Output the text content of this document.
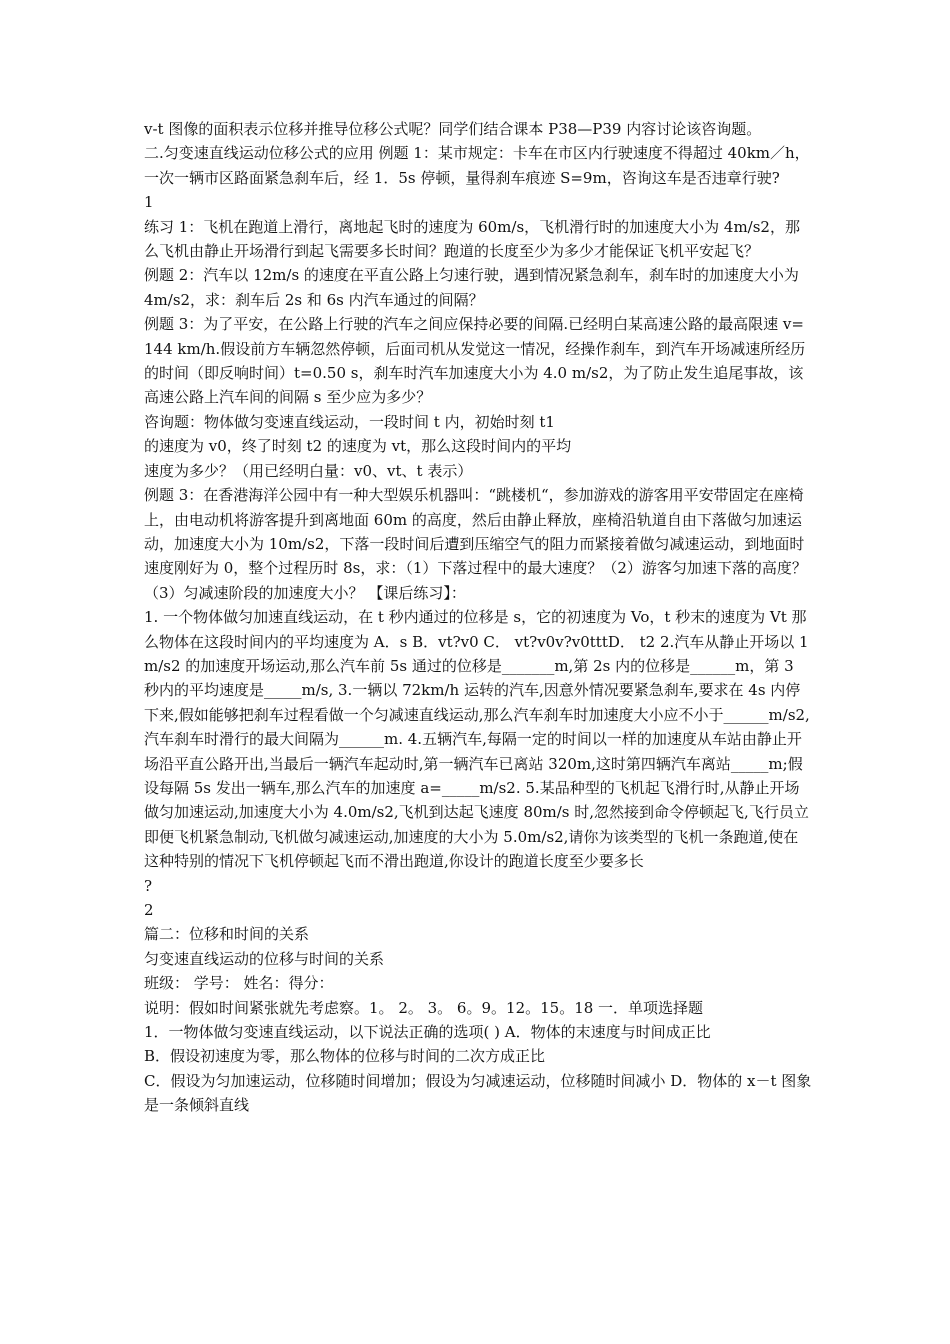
v-t 图像的面积表示位移并推导位移公式呢？同学们结合课本 P38—P39 内容讨论该咨询题。

二.匀变速直线运动位移公式的应用 例题 1：某市规定：卡车在市区内行驶速度不得超过 40km／h，一次一辆市区路面紧急刹车后，经 1．5s 停顿，量得刹车痕迹 S=9m，咨询这车是否违章行驶?

1

练习 1：飞机在跑道上滑行，离地起飞时的速度为 60m/s，飞机滑行时的加速度大小为 4m/s2，那么飞机由静止开场滑行到起飞需要多长时间？跑道的长度至少为多少才能保证飞机平安起飞？

例题 2：汽车以 12m/s 的速度在平直公路上匀速行驶，遇到情况紧急刹车，刹车时的加速度大小为 4m/s2，求：刹车后 2s 和 6s 内汽车通过的间隔？

例题 3：为了平安，在公路上行驶的汽车之间应保持必要的间隔.已经明白某高速公路的最高限速 v=144 km/h.假设前方车辆忽然停顿，后面司机从发觉这一情况，经操作刹车，到汽车开场减速所经历的时间（即反响时间）t=0.50 s，刹车时汽车加速度大小为 4.0 m/s2，为了防止发生追尾事故，该高速公路上汽车间的间隔 s 至少应为多少？

咨询题：物体做匀变速直线运动，一段时间 t 内，初始时刻 t1

的速度为 v0，终了时刻 t2 的速度为 vt，那么这段时间内的平均

速度为多少？（用已经明白量：v0、vt、t 表示）

例题 3：在香港海洋公园中有一种大型娱乐机器叫：“跳楼机“，参加游戏的游客用平安带固定在座椅上，由电动机将游客提升到离地面 60m 的高度，然后由静止释放，座椅沿轨道自由下落做匀加速运动，加速度大小为 10m/s2，下落一段时间后遭到压缩空气的阻力而紧接着做匀减速运动，到地面时速度刚好为 0，整个过程历时 8s，求：（1）下落过程中的最大速度？（2）游客匀加速下落的高度？（3）匀减速阶段的加速度大小？ 【课后练习】：

1. 一个物体做匀加速直线运动，在 t 秒内通过的位移是 s，它的初速度为 Vo，t 秒末的速度为 Vt 那么物体在这段时间内的平均速度为 A．s B．vt?v0 C． vt?v0v?v0tttD． t2 2.汽车从静止开场以 1m/s2 的加速度开场运动,那么汽车前 5s 通过的位移是_______m,第 2s 内的位移是______m，第 3 秒内的平均速度是_____m/s, 3.一辆以 72km/h 运转的汽车,因意外情况要紧急刹车,要求在 4s 内停下来,假如能够把刹车过程看做一个匀减速直线运动,那么汽车刹车时加速度大小应不小于______m/s2,汽车刹车时滑行的最大间隔为______m. 4.五辆汽车,每隔一定的时间以一样的加速度从车站由静止开场沿平直公路开出,当最后一辆汽车起动时,第一辆汽车已离站 320m,这时第四辆汽车离站_____m;假设每隔 5s 发出一辆车,那么汽车的加速度 a=_____m/s2. 5.某品种型的飞机起飞滑行时,从静止开场做匀加速运动,加速度大小为 4.0m/s2,飞机到达起飞速度 80m/s 时,忽然接到命令停顿起飞,飞行员立即便飞机紧急制动,飞机做匀减速运动,加速度的大小为 5.0m/s2,请你为该类型的飞机一条跑道,使在这种特别的情况下飞机停顿起飞而不滑出跑道,你设计的跑道长度至少要多长

?

2

篇二：位移和时间的关系

匀变速直线运动的位移与时间的关系

班级： 学号： 姓名：得分：

说明：假如时间紧张就先考虑察。1。 2。 3。 6。9。12。15。18 一．单项选择题

1．一物体做匀变速直线运动，以下说法正确的选项( ) A．物体的末速度与时间成正比

B．假设初速度为零，那么物体的位移与时间的二次方成正比

C．假设为匀加速运动，位移随时间增加；假设为匀减速运动，位移随时间减小 D．物体的 x－t 图象是一条倾斜直线
